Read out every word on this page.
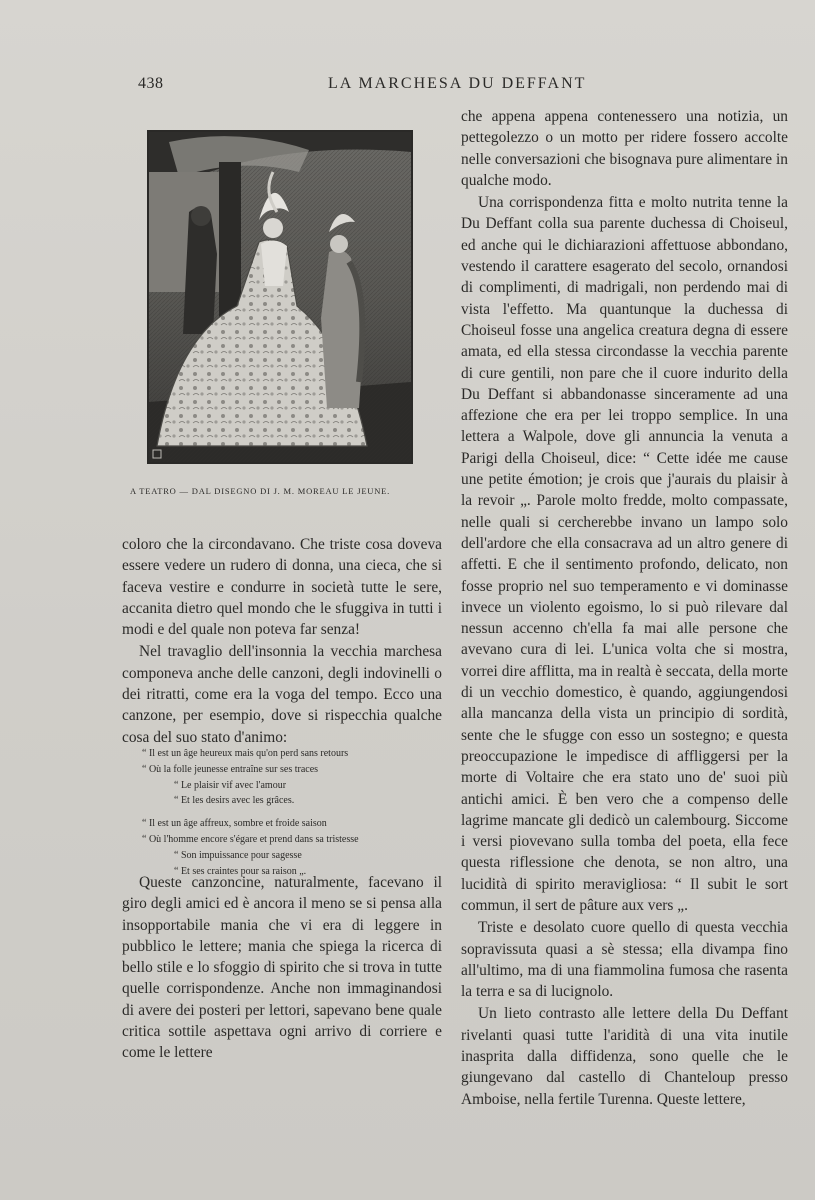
438	LA MARCHESA DU DEFFANT
A TEATRO — DAL DISEGNO DI J. M. MOREAU LE JEUNE.

coloro che la circondavano. Che triste cosa doveva essere vedere un rudero di donna, una cieca, che si faceva vestire e condurre in società tutte le sere, accanita dietro quel mondo che le sfuggiva in tutti i modi e del quale non poteva far senza!

Nel travaglio dell'insonnia la vecchia marchesa componeva anche delle canzoni, degli indovinelli o dei ritratti, come era la voga del tempo. Ecco una canzone, per esempio, dove si rispecchia qualche cosa del suo stato d'animo:

“ Il est un âge heureux mais qu'on perd sans retours
“ Où la folle jeunesse entraîne sur ses traces
“ Le plaisir vif avec l'amour
“ Et les desirs avec les grâces.
“ Il est un âge affreux, sombre et froide saison
“ Où l'homme encore s'égare et prend dans sa tristesse
“ Son impuissance pour sagesse
“ Et ses craintes pour sa raison „.

Queste canzoncine, naturalmente, facevano il giro degli amici ed è ancora il meno se si pensa alla insopportabile mania che vi era di leggere in pubblico le lettere; mania che spiega la ricerca di bello stile e lo sfoggio di spirito che si trova in tutte quelle corrispondenze. Anche non immaginandosi di avere dei posteri per lettori, sapevano bene quale critica sottile aspettava ogni arrivo di corriere e come le lettere

che appena appena contenessero una notizia, un pettegolezzo o un motto per ridere fossero accolte nelle conversazioni che bisognava pure alimentare in qualche modo.

Una corrispondenza fitta e molto nutrita tenne la Du Deffant colla sua parente duchessa di Choiseul, ed anche qui le dichiarazioni affettuose abbondano, vestendo il carattere esagerato del secolo, ornandosi di complimenti, di madrigali, non perdendo mai di vista l'effetto. Ma quantunque la duchessa di Choiseul fosse una angelica creatura degna di essere amata, ed ella stessa circondasse la vecchia parente di cure gentili, non pare che il cuore indurito della Du Deffant si abbandonasse sinceramente ad una affezione che era per lei troppo semplice. In una lettera a Walpole, dove gli annuncia la venuta a Parigi della Choiseul, dice: “ Cette idée me cause une petite émotion; je crois que j'aurais du plaisir à la revoir „. Parole molto fredde, molto compassate, nelle quali si cercherebbe invano un lampo solo dell'ardore che ella consacrava ad un altro genere di affetti. E che il sentimento profondo, delicato, non fosse proprio nel suo temperamento e vi dominasse invece un violento egoismo, lo si può rilevare dal nessun accenno ch'ella fa mai alle persone che avevano cura di lei. L'unica volta che si mostra, vorrei dire afflitta, ma in realtà è seccata, della morte di un vecchio domestico, è quando, aggiungendosi alla mancanza della vista un principio di sordità, sente che le sfugge con esso un sostegno; e questa preoccupazione le impedisce di affliggersi per la morte di Voltaire che era stato uno de' suoi più antichi amici. È ben vero che a compenso delle lagrime mancate gli dedicò un calembourg. Siccome i versi piovevano sulla tomba del poeta, ella fece questa riflessione che denota, se non altro, una lucidità di spirito meravigliosa: “ Il subit le sort commun, il sert de pâture aux vers „.

Triste e desolato cuore quello di questa vecchia sopravissuta quasi a sè stessa; ella divampa fino all'ultimo, ma di una fiammolina fumosa che rasenta la terra e sa di lucignolo.

Un lieto contrasto alle lettere della Du Deffant rivelanti quasi tutte l'aridità di una vita inutile inasprita dalla diffidenza, sono quelle che le giungevano dal castello di Chanteloup presso Amboise, nella fertile Turenna. Queste lettere,
